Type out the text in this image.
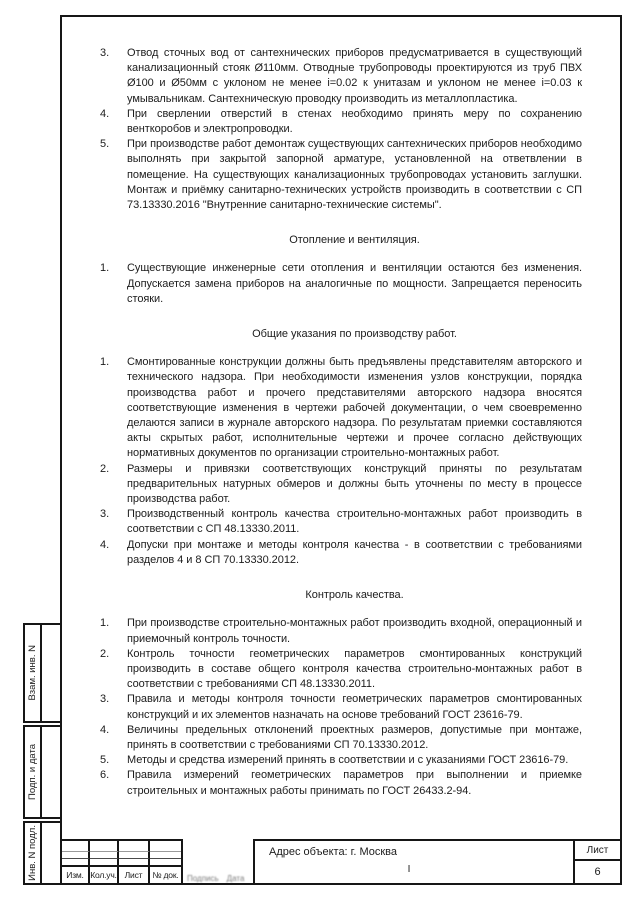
3.	Отвод сточных вод от сантехнических приборов предусматривается в существующий канализационный стояк Ø110мм. Отводные трубопроводы проектируются из труб ПВХ Ø100 и Ø50мм с уклоном не менее i=0.02 к унитазам и уклоном не менее i=0.03 к умывальникам. Сантехническую проводку производить из металлопластика.
4.	При сверлении отверстий в стенах необходимо принять меру по сохранению венткоробов и электропроводки.
5.	При производстве работ демонтаж существующих сантехнических приборов необходимо выполнять при закрытой запорной арматуре, установленной на ответвлении в помещение. На существующих канализационных трубопроводах установить заглушки. Монтаж и приёмку санитарно-технических устройств производить в соответствии с СП 73.13330.2016 "Внутренние санитарно-технические системы".
Отопление и вентиляция.
1.	Существующие инженерные сети отопления и вентиляции остаются без изменения. Допускается замена приборов на аналогичные по мощности. Запрещается переносить стояки.
Общие указания по производству работ.
1.	Смонтированные конструкции должны быть предъявлены представителям авторского и технического надзора. При необходимости изменения узлов конструкции, порядка производства работ и прочего представителями авторского надзора вносятся соответствующие изменения в чертежи рабочей документации, о чем своевременно делаются записи в журнале авторского надзора. По результатам приемки составляются акты скрытых работ, исполнительные чертежи и прочее согласно действующих нормативных документов по организации строительно-монтажных работ.
2.	Размеры и привязки соответствующих конструкций приняты по результатам предварительных натурных обмеров и должны быть уточнены по месту в процессе производства работ.
3.	Производственный контроль качества строительно-монтажных работ производить в соответствии с СП 48.13330.2011.
4.	Допуски при монтаже и методы контроля качества - в соответствии с требованиями разделов 4 и 8 СП 70.13330.2012.
Контроль качества.
1.	При производстве строительно-монтажных работ производить входной, операционный и приемочный контроль точности.
2.	Контроль точности геометрических параметров смонтированных конструкций производить в составе общего контроля качества строительно-монтажных работ в соответствии с требованиями СП 48.13330.2011.
3.	Правила и методы контроля точности геометрических параметров смонтированных конструкций и их элементов назначать на основе требований ГОСТ 23616-79.
4.	Величины предельных отклонений проектных размеров, допустимые при монтаже, принять в соответствии с требованиями СП 70.13330.2012.
5.	Методы и средства измерений принять в соответствии и с указаниями ГОСТ 23616-79.
6.	Правила измерений геометрических параметров при выполнении и приемке строительных и монтажных работы принимать по ГОСТ 26433.2-94.
Взам. инв. N
Подп. и дата
Инв. N подл.	Изм. Кол.уч. Лист	№ док.	Подпись Дата
Адрес объекта: г. Москва
I
Лист
6
